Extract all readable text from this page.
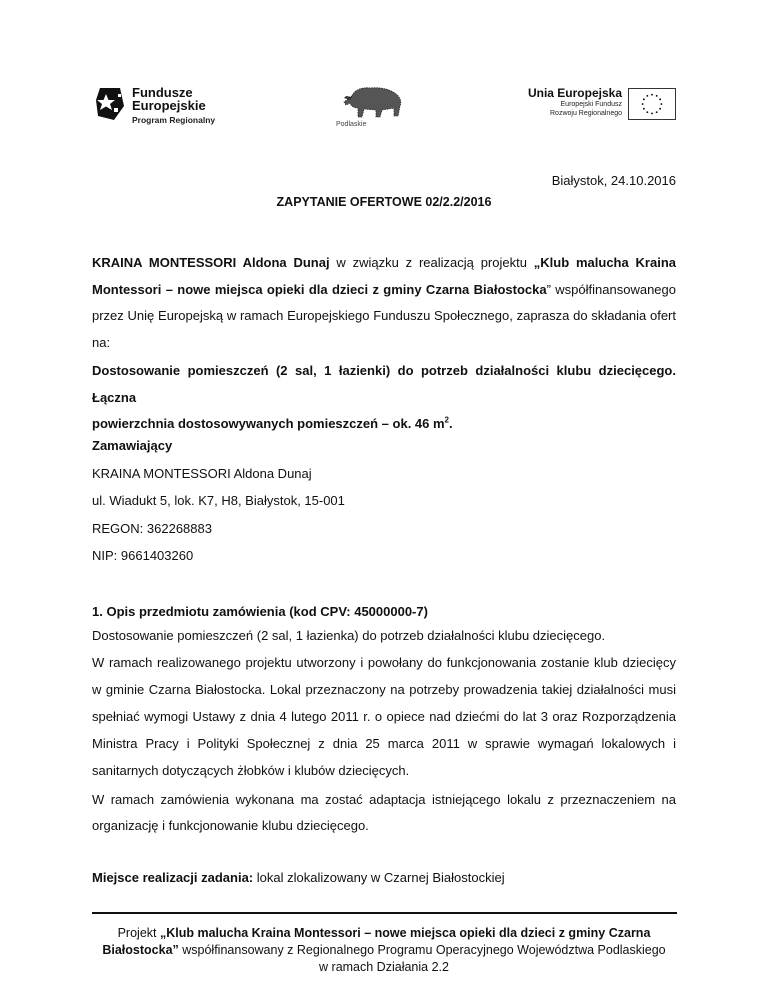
Fundusze
Europejskie
Program Regionalny	Podlaskie
Unia Europejska
Europejski Fundusz
Rozwoju Regionalnego
Białystok, 24.10.2016
ZAPYTANIE OFERTOWE 02/2.2/2016
KRAINA MONTESSORI Aldona Dunaj w związku z realizacją projektu „Klub malucha Kraina
Montessori – nowe miejsca opieki dla dzieci z gminy Czarna Białostocka” współfinansowanego
przez Unię Europejską w ramach Europejskiego Funduszu Społecznego, zaprasza do składania ofert
na:
Dostosowanie pomieszczeń (2 sal, 1 łazienki) do potrzeb działalności klubu dziecięcego. Łączna
powierzchnia dostosowywanych pomieszczeń – ok. 46 $m^2$.
Zamawiający
KRAINA MONTESSORI Aldona Dunaj
ul. Wiadukt 5, lok. K7, H8, Białystok, 15-001
REGON: 362268883
NIP: 9661403260
1. Opis przedmiotu zamówienia (kod CPV: 45000000-7)
Dostosowanie pomieszczeń (2 sal, 1 łazienka) do potrzeb działalności klubu dziecięcego.
W ramach realizowanego projektu utworzony i powołany do funkcjonowania zostanie klub dziecięcy
w gminie Czarna Białostocka. Lokal przeznaczony na potrzeby prowadzenia takiej działalności musi
spełniać wymogi Ustawy z dnia 4 lutego 2011 r. o opiece nad dziećmi do lat 3 oraz Rozporządzenia
Ministra Pracy i Polityki Społecznej z dnia 25 marca 2011 w sprawie wymagań lokalowych i
sanitarnych dotyczących żłobków i klubów dziecięcych.
W ramach zamówienia wykonana ma zostać adaptacja istniejącego lokalu z przeznaczeniem na
organizację i funkcjonowanie klubu dziecięcego.
Miejsce realizacji zadania: lokal zlokalizowany w Czarnej Białostockiej
Projekt „Klub malucha Kraina Montessori – nowe miejsca opieki dla dzieci z gminy Czarna
Białostocka” współfinansowany z Regionalnego Programu Operacyjnego Województwa Podlaskiego
w ramach Działania 2.2
